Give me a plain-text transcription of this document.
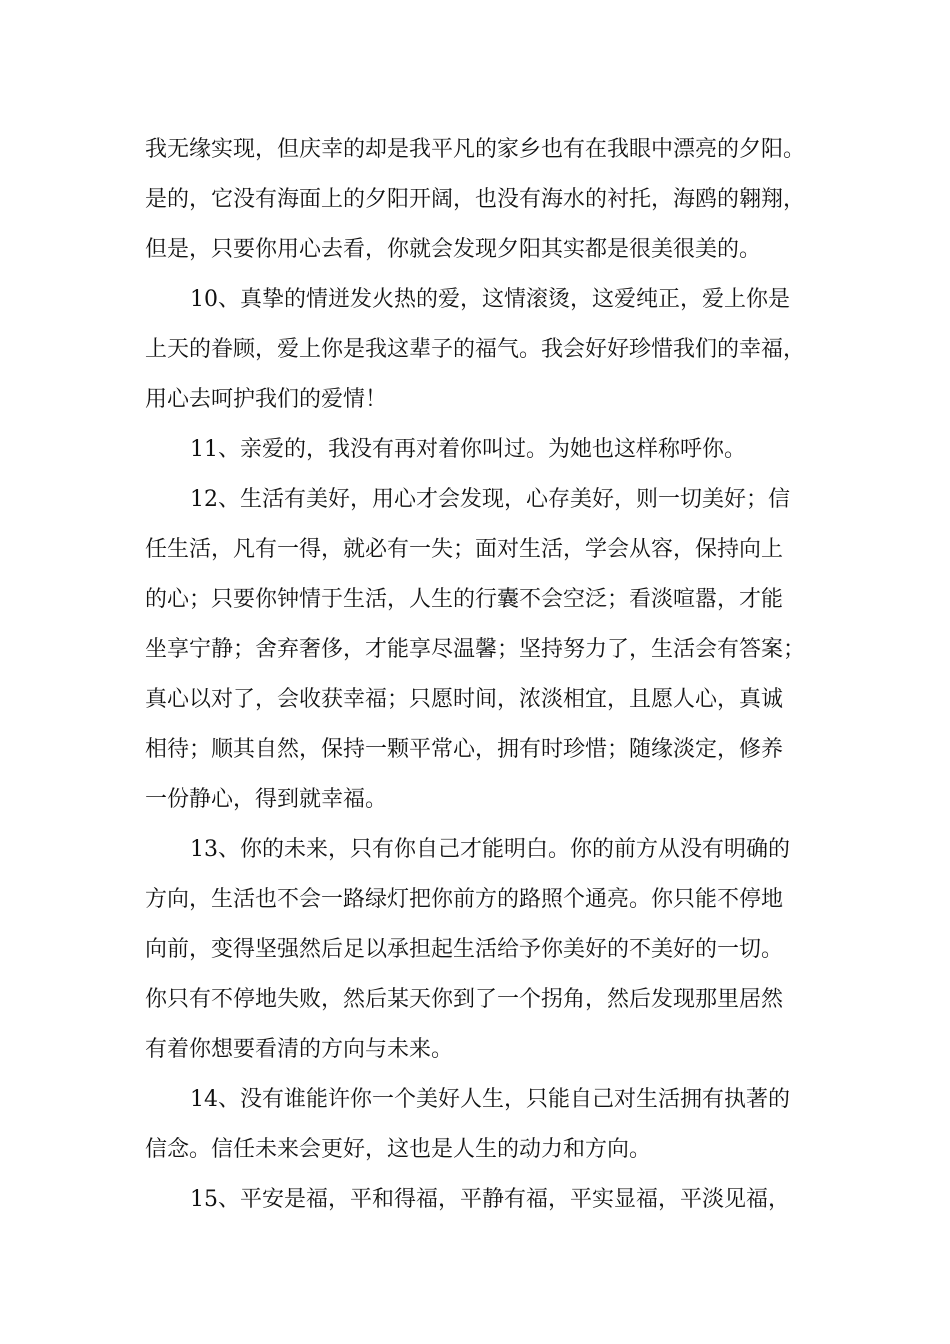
我无缘实现，但庆幸的却是我平凡的家乡也有在我眼中漂亮的夕阳。
是的，它没有海面上的夕阳开阔，也没有海水的衬托，海鸥的翱翔，
但是，只要你用心去看，你就会发现夕阳其实都是很美很美的。
10、真挚的情迸发火热的爱，这情滚烫，这爱纯正，爱上你是
上天的眷顾，爱上你是我这辈子的福气。我会好好珍惜我们的幸福，
用心去呵护我们的爱情！
11、亲爱的，我没有再对着你叫过。为她也这样称呼你。
12、生活有美好，用心才会发现，心存美好，则一切美好；信
任生活，凡有一得，就必有一失；面对生活，学会从容，保持向上
的心；只要你钟情于生活，人生的行囊不会空泛；看淡喧嚣，才能
坐享宁静；舍弃奢侈，才能享尽温馨；坚持努力了，生活会有答案；
真心以对了，会收获幸福；只愿时间，浓淡相宜，且愿人心，真诚
相待；顺其自然，保持一颗平常心，拥有时珍惜；随缘淡定，修养
一份静心，得到就幸福。
13、你的未来，只有你自己才能明白。你的前方从没有明确的
方向，生活也不会一路绿灯把你前方的路照个通亮。你只能不停地
向前，变得坚强然后足以承担起生活给予你美好的不美好的一切。
你只有不停地失败，然后某天你到了一个拐角，然后发现那里居然
有着你想要看清的方向与未来。
14、没有谁能许你一个美好人生，只能自己对生活拥有执著的
信念。信任未来会更好，这也是人生的动力和方向。
15、平安是福，平和得福，平静有福，平实显福，平淡见福，
